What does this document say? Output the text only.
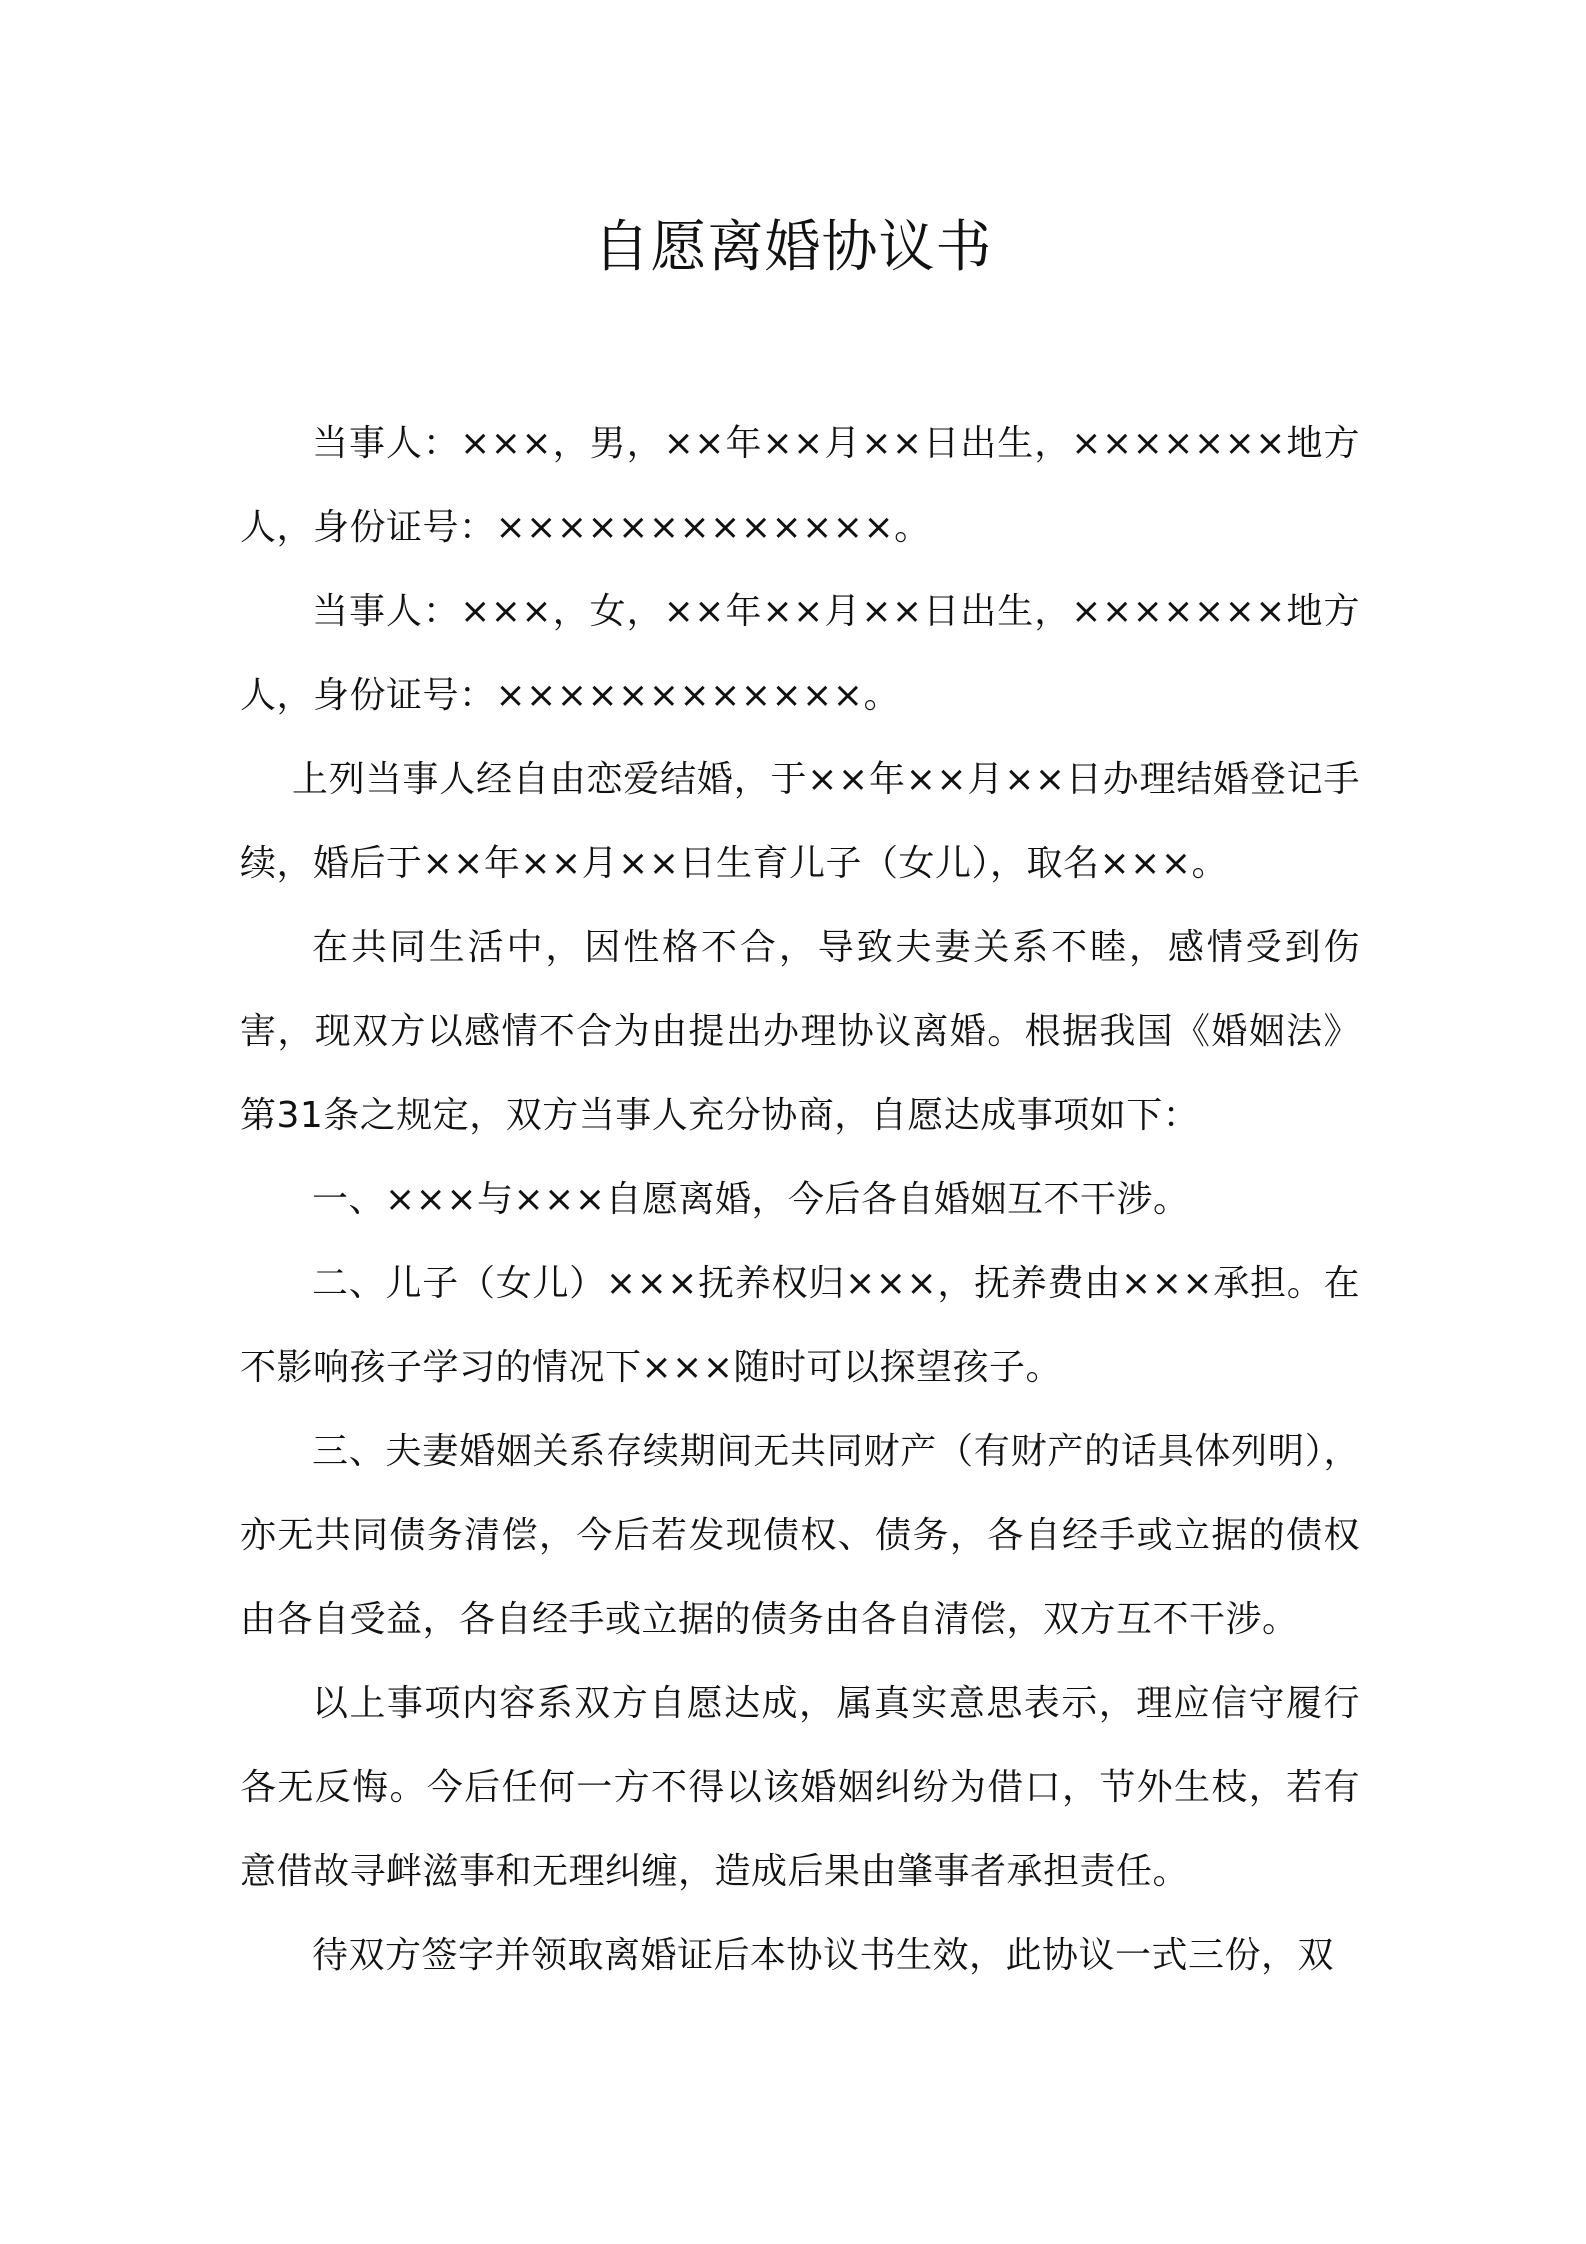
自愿离婚协议书

当事人：×××，男，××年××月××日出生，×××××××地方人，身份证号：×××××××××××××。

当事人：×××，女，××年××月××日出生，×××××××地方人，身份证号：××××××××××××。

上列当事人经自由恋爱结婚，于××年××月××日办理结婚登记手续，婚后于××年××月××日生育儿子（女儿），取名×××。

在共同生活中，因性格不合，导致夫妻关系不睦，感情受到伤害，现双方以感情不合为由提出办理协议离婚。根据我国《婚姻法》第31条之规定，双方当事人充分协商，自愿达成事项如下：

一、×××与×××自愿离婚，今后各自婚姻互不干涉。

二、儿子（女儿）×××抚养权归×××，抚养费由×××承担。在不影响孩子学习的情况下×××随时可以探望孩子。

三、夫妻婚姻关系存续期间无共同财产（有财产的话具体列明），亦无共同债务清偿，今后若发现债权、债务，各自经手或立据的债权由各自受益，各自经手或立据的债务由各自清偿，双方互不干涉。

以上事项内容系双方自愿达成，属真实意思表示，理应信守履行各无反悔。今后任何一方不得以该婚姻纠纷为借口，节外生枝，若有意借故寻衅滋事和无理纠缠，造成后果由肇事者承担责任。

待双方签字并领取离婚证后本协议书生效，此协议一式三份，双
